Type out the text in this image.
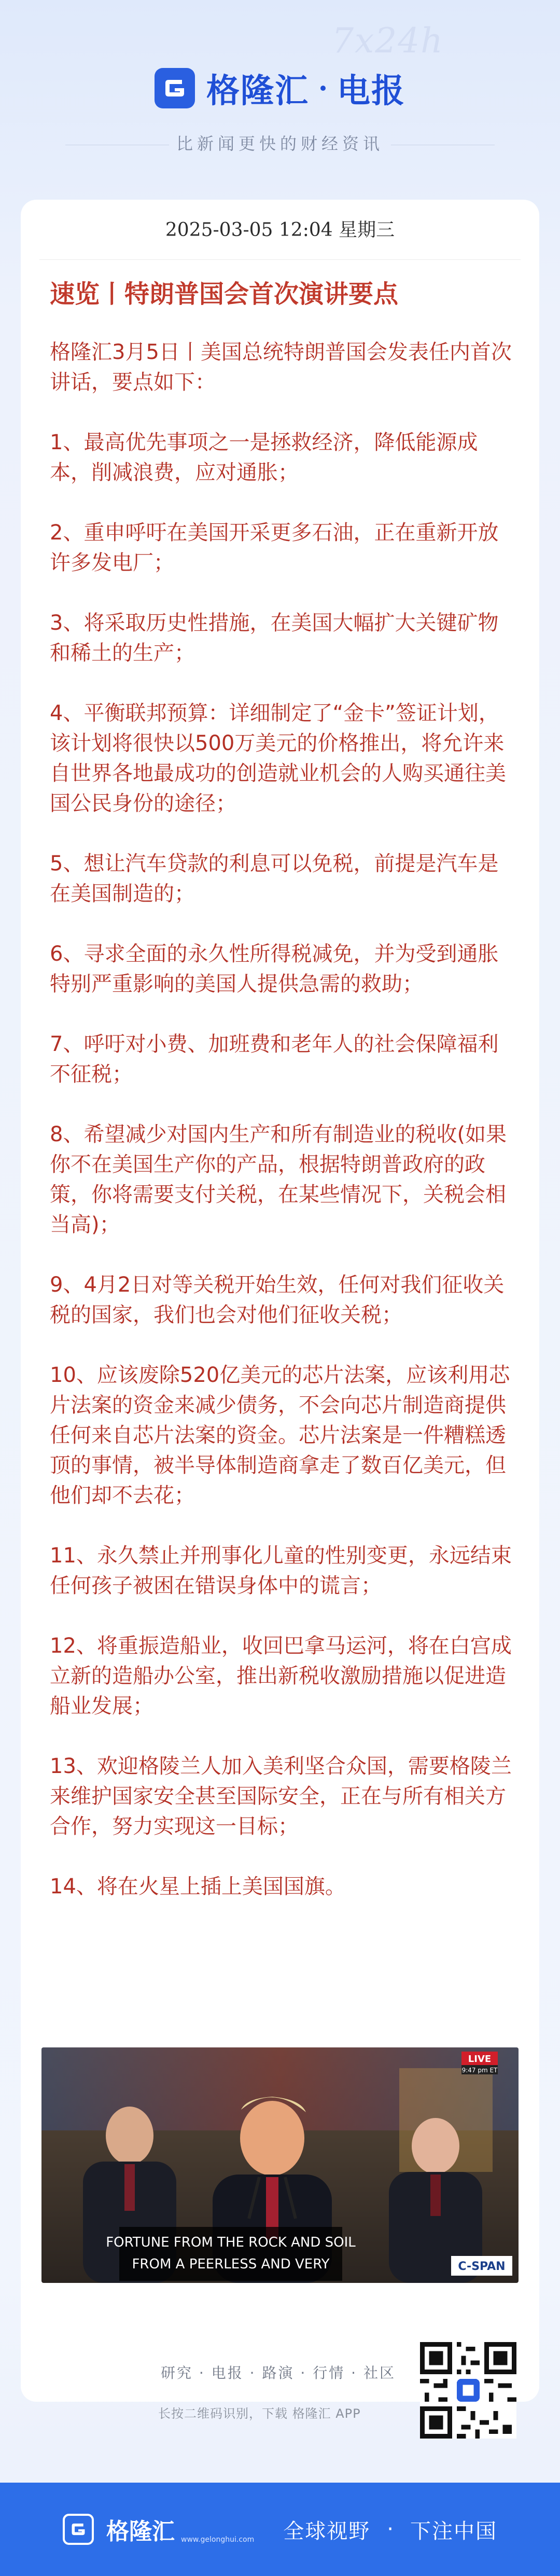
7x24h
格隆汇 电报
比新闻更快的财经资讯
2025-03-05 12:04 星期三
速览丨特朗普国会首次演讲要点

格隆汇3月5日丨美国总统特朗普国会发表任内首次讲话，要点如下：

1、最高优先事项之一是拯救经济，降低能源成本，削减浪费，应对通胀；

2、重申呼吁在美国开采更多石油，正在重新开放许多发电厂；

3、将采取历史性措施，在美国大幅扩大关键矿物和稀土的生产；

4、平衡联邦预算：详细制定了“金卡”签证计划，该计划将很快以500万美元的价格推出，将允许来自世界各地最成功的创造就业机会的人购买通往美国公民身份的途径；

5、想让汽车贷款的利息可以免税，前提是汽车是在美国制造的；

6、寻求全面的永久性所得税减免，并为受到通胀特别严重影响的美国人提供急需的救助；

7、呼吁对小费、加班费和老年人的社会保障福利不征税；

8、希望减少对国内生产和所有制造业的税收(如果你不在美国生产你的产品，根据特朗普政府的政策，你将需要支付关税，在某些情况下，关税会相当高)；

9、4月2日对等关税开始生效，任何对我们征收关税的国家，我们也会对他们征收关税；

10、应该废除520亿美元的芯片法案，应该利用芯片法案的资金来减少债务，不会向芯片制造商提供任何来自芯片法案的资金。芯片法案是一件糟糕透顶的事情，被半导体制造商拿走了数百亿美元，但他们却不去花；

11、永久禁止并刑事化儿童的性别变更，永远结束任何孩子被困在错误身体中的谎言；

12、将重振造船业，收回巴拿马运河，将在白宫成立新的造船办公室，推出新税收激励措施以促进造船业发展；

13、欢迎格陵兰人加入美利坚合众国，需要格陵兰来维护国家安全甚至国际安全，正在与所有相关方合作，努力实现这一目标；

14、将在火星上插上美国国旗。

FORTUNE FROM THE ROCK AND SOIL
FROM A PEERLESS AND VERY
LIVE
9:47 pm ET
C-SPAN
研究 · 电报 · 路演 · 行情 · 社区
长按二维码识别，下载 格隆汇 APP
格隆汇 www.gelonghui.com 全球视野 · 下注中国
